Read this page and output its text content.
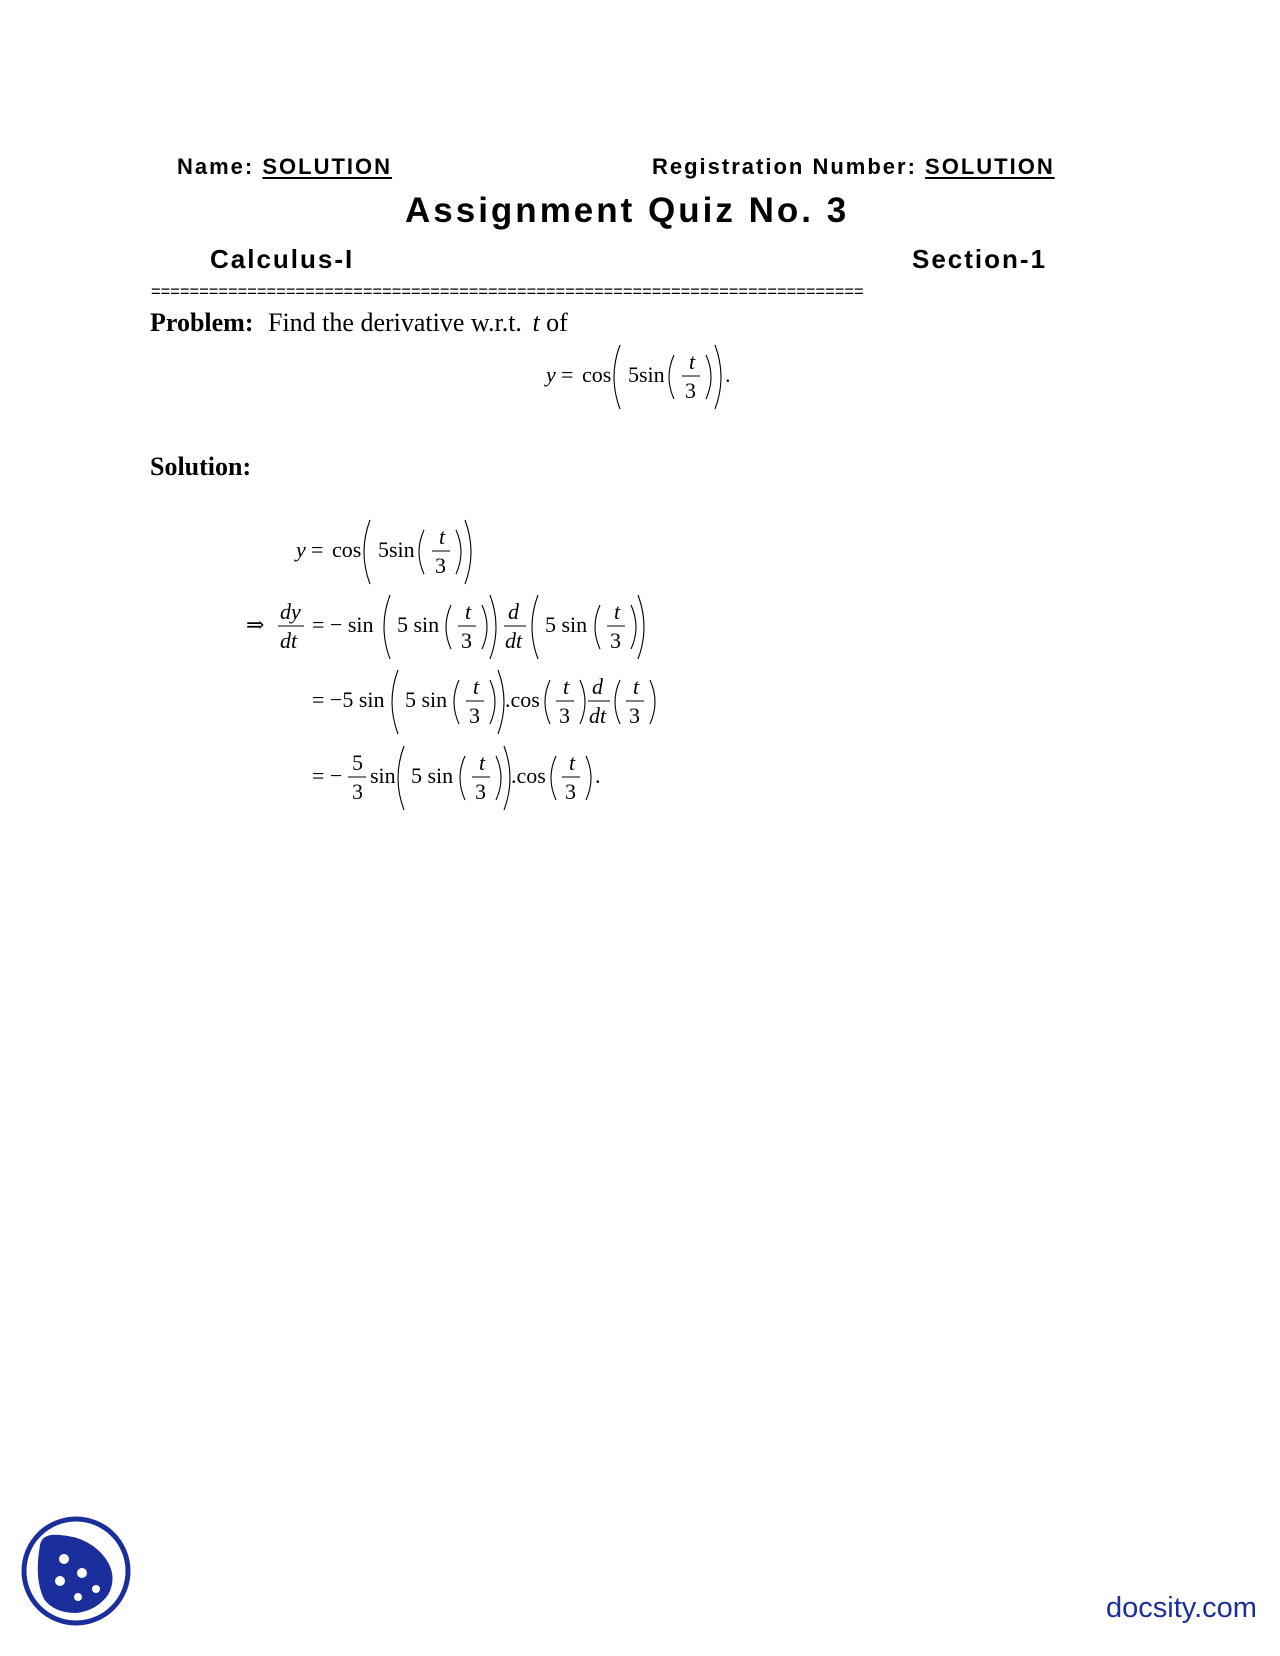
Name: SOLUTION	Registration Number: SOLUTION
Assignment Quiz No. 3
Calculus-I	Section-1
==========================================================================
Problem: Find the derivative w.r.t. t of
y = cos 5sin
t
3
.
Solution:
y = cos 5sin
t
3
⇒
dy
dt
= − sin 5 sin
t
3
d
dt
5 sin
t
3
= −5 sin 5 sin
t
3
.cos
t
3
d
dt
t
3
= −
5
3
sin 5 sin
t
3
.cos
t
3
.
docsity.com
